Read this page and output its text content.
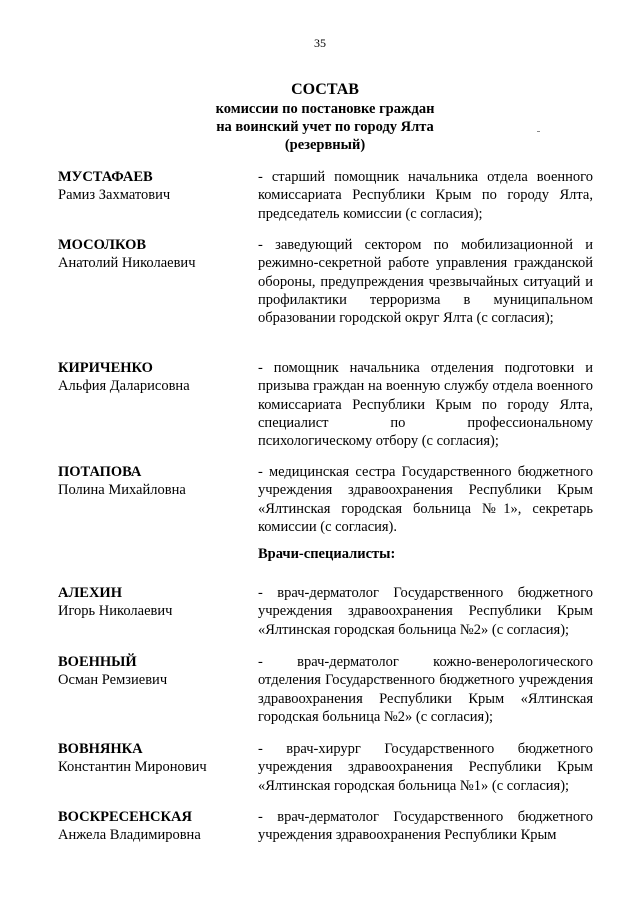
35
СОСТАВ
комиссии по постановке граждан
на воинский учет по городу Ялта
(резервный)
МУСТАФАЕВ
Рамиз Захматович
- старший помощник начальника отдела военного комиссариата Республики Крым по городу Ялта, председатель комиссии (с согласия);
МОСОЛКОВ
Анатолий Николаевич
- заведующий сектором по мобилизационной и режимно-секретной работе управления гражданской обороны, предупреждения чрезвычайных ситуаций и профилактики терроризма в муниципальном образовании городской округ Ялта (с согласия);
КИРИЧЕНКО
Альфия Даларисовна
- помощник начальника отделения подготовки и призыва граждан на военную службу отдела военного комиссариата Республики Крым по городу Ялта, специалист по профессиональному психологическому отбору (с согласия);
ПОТАПОВА
Полина Михайловна
- медицинская сестра Государственного бюджетного учреждения здравоохранения Республики Крым «Ялтинская городская больница №1», секретарь комиссии (с согласия).
Врачи-специалисты:
АЛЕХИН
Игорь Николаевич
- врач-дерматолог Государственного бюджетного учреждения здравоохранения Республики Крым «Ялтинская городская больница №2» (с согласия);
ВОЕННЫЙ
Осман Ремзиевич
- врач-дерматолог кожно-венерологического отделения Государственного бюджетного учреждения здравоохранения Республики Крым «Ялтинская городская больница №2» (с согласия);
ВОВНЯНКА
Константин Миронович
- врач-хирург Государственного бюджетного учреждения здравоохранения Республики Крым «Ялтинская городская больница №1» (с согласия);
ВОСКРЕСЕНСКАЯ
Анжела Владимировна
- врач-дерматолог Государственного бюджетного учреждения здравоохранения Республики Крым
